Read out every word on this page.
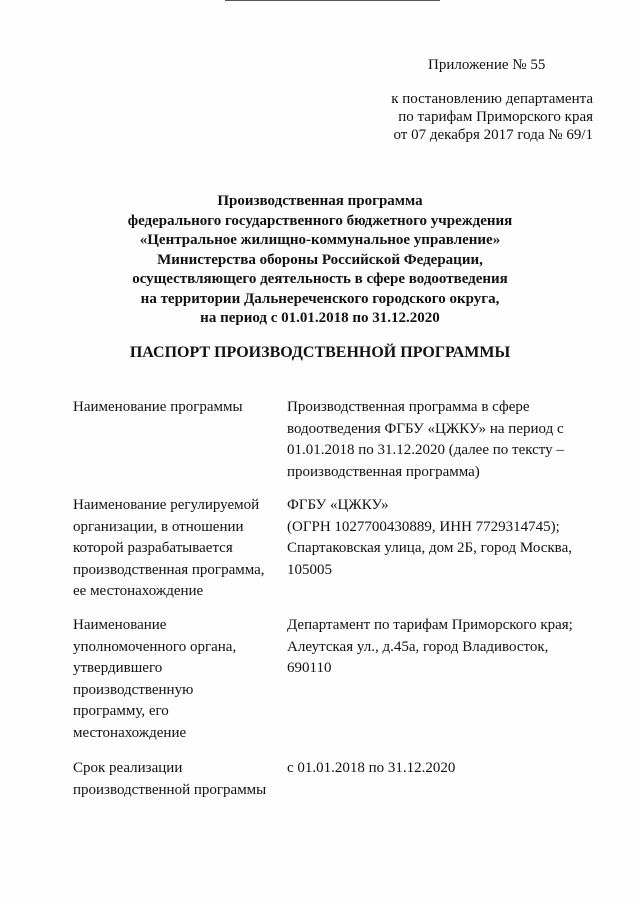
Приложение № 55
к постановлению департамента
по тарифам Приморского края
от 07 декабря 2017 года № 69/1
Производственная программа
федерального государственного бюджетного учреждения
«Центральное жилищно-коммунальное управление»
Министерства обороны Российской Федерации,
осуществляющего деятельность в сфере водоотведения
на территории Дальнереченского городского округа,
на период с 01.01.2018 по 31.12.2020
ПАСПОРТ ПРОИЗВОДСТВЕННОЙ ПРОГРАММЫ
Наименование программы	Производственная программа в сфере
водоотведения ФГБУ «ЦЖКУ» на период с
01.01.2018 по 31.12.2020 (далее по тексту –
производственная программа)
Наименование регулируемой
организации, в отношении
которой разрабатывается
производственная программа,
ее местонахождение
ФГБУ «ЦЖКУ»
(ОГРН 1027700430889, ИНН 7729314745);
Спартаковская улица, дом 2Б, город Москва,
105005
Наименование
уполномоченного органа,
утвердившего
производственную
программу, его
местонахождение
Департамент по тарифам Приморского края;
Алеутская ул., д.45а, город Владивосток,
690110
Срок реализации
производственной программы
с 01.01.2018 по 31.12.2020
